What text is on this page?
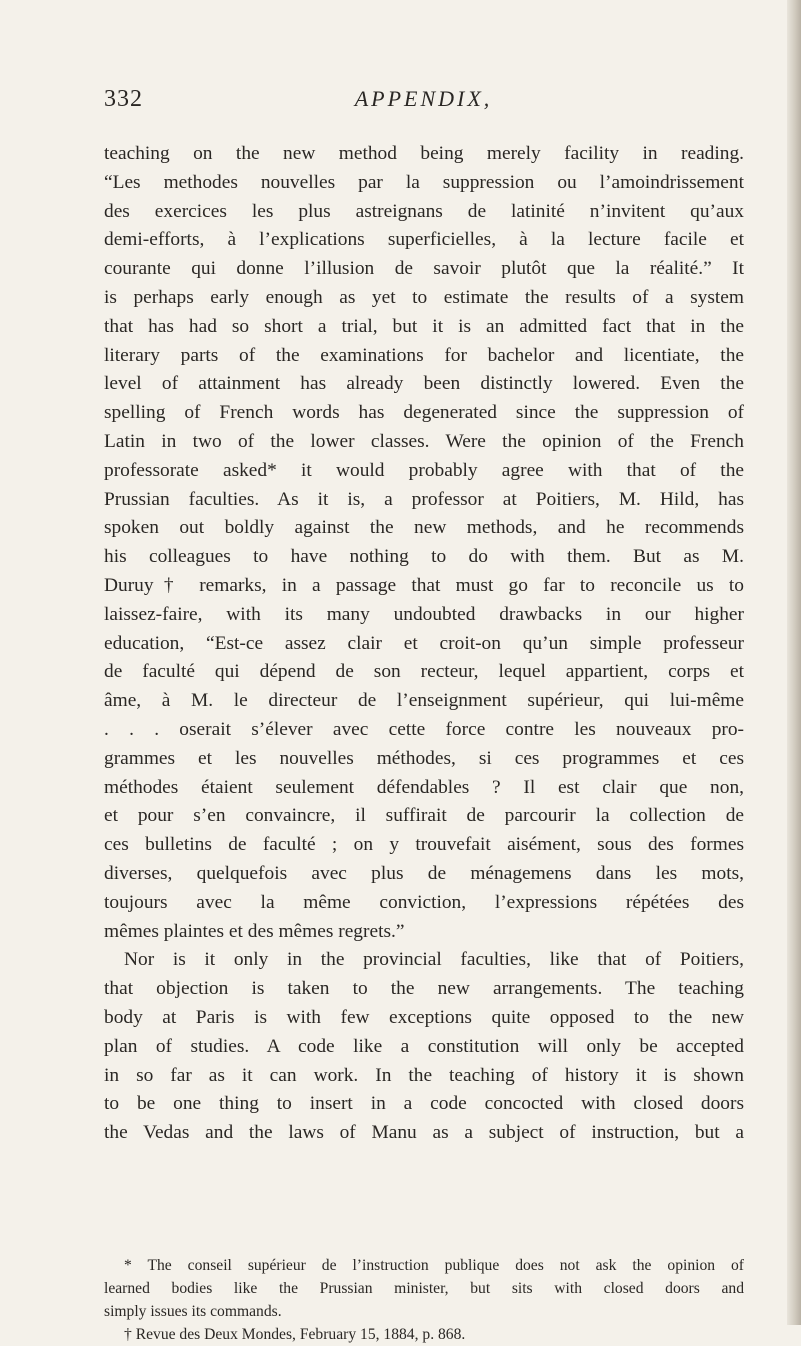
332	APPENDIX,
teaching on the new method being merely facility in reading.
“Les methodes nouvelles par la suppression ou l’amoindrissement
des exercices les plus astreignans de latinité n’invitent qu’aux
demi-efforts, à l’explications superficielles, à la lecture facile et
courante qui donne l’illusion de savoir plutôt que la réalité.” It
is perhaps early enough as yet to estimate the results of a system
that has had so short a trial, but it is an admitted fact that in the
literary parts of the examinations for bachelor and licentiate, the
level of attainment has already been distinctly lowered. Even the
spelling of French words has degenerated since the suppression of
Latin in two of the lower classes. Were the opinion of the French
professorate asked* it would probably agree with that of the
Prussian faculties. As it is, a professor at Poitiers, M. Hild, has
spoken out boldly against the new methods, and he recommends
his colleagues to have nothing to do with them. But as M.
Duruy† remarks, in a passage that must go far to reconcile us to
laissez-faire, with its many undoubted drawbacks in our higher
education, “Est-ce assez clair et croit-on qu’un simple professeur
de faculté qui dépend de son recteur, lequel appartient, corps et
âme, à M. le directeur de l’enseignment supérieur, qui lui-même
. . . oserait s’élever avec cette force contre les nouveaux pro-
grammes et les nouvelles méthodes, si ces programmes et ces
méthodes étaient seulement défendables ? Il est clair que non,
et pour s’en convaincre, il suffirait de parcourir la collection de
ces bulletins de faculté ; on y trouvefait aisément, sous des formes
diverses, quelquefois avec plus de ménagemens dans les mots,
toujours avec la même conviction, l’expressions répétées des
mêmes plaintes et des mêmes regrets.”
Nor is it only in the provincial faculties, like that of Poitiers,
that objection is taken to the new arrangements. The teaching
body at Paris is with few exceptions quite opposed to the new
plan of studies. A code like a constitution will only be accepted
in so far as it can work. In the teaching of history it is shown
to be one thing to insert in a code concocted with closed doors
the Vedas and the laws of Manu as a subject of instruction, but a
* The conseil supérieur de l’instruction publique does not ask the opinion of
learned bodies like the Prussian minister, but sits with closed doors and
simply issues its commands.
† Revue des Deux Mondes, February 15, 1884, p. 868.
